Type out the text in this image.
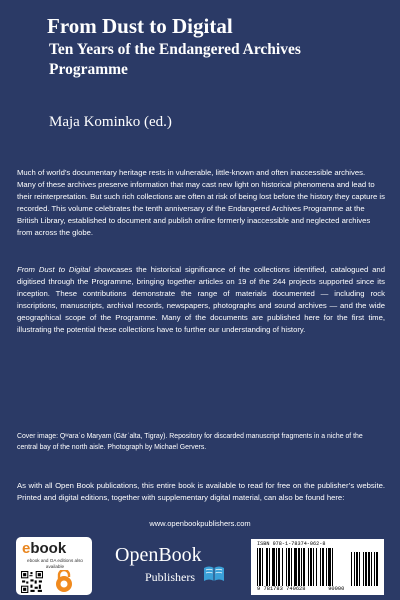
From Dust to Digital
Ten Years of the Endangered Archives Programme
Maja Kominko (ed.)

Much of world’s documentary heritage rests in vulnerable, little-known and often inaccessible archives. Many of these archives preserve information that may cast new light on historical phenomena and lead to their reinterpretation. But such rich collections are often at risk of being lost before the history they capture is recorded. This volume celebrates the tenth anniversary of the Endangered Archives Programme at the British Library, established to document and publish online formerly inaccessible and neglected archives from across the globe.

From Dust to Digital showcases the historical significance of the collections identified, catalogued and digitised through the Programme, bringing together articles on 19 of the 244 projects supported since its inception. These contributions demonstrate the range of materials documented — including rock inscriptions, manuscripts, archival records, newspapers, photographs and sound archives — and the wide geographical scope of the Programme. Many of the documents are published here for the first time, illustrating the potential these collections have to further our understanding of history.

Cover image: Qʷaraʾo Maryam (Gärʿalta, Tigray). Repository for discarded manuscript fragments in a niche of the central bay of the north aisle. Photograph by Michael Gervers.

As with all Open Book publications, this entire book is available to read for free on the publisher’s website. Printed and digital editions, together with supplementary digital material, can also be found here:

www.openbookpublishers.com
ebook
ebook and OA editions also available	OpenBook
Publishers
ISBN 978-1-78374-062-8
9 781783 740628	90000
